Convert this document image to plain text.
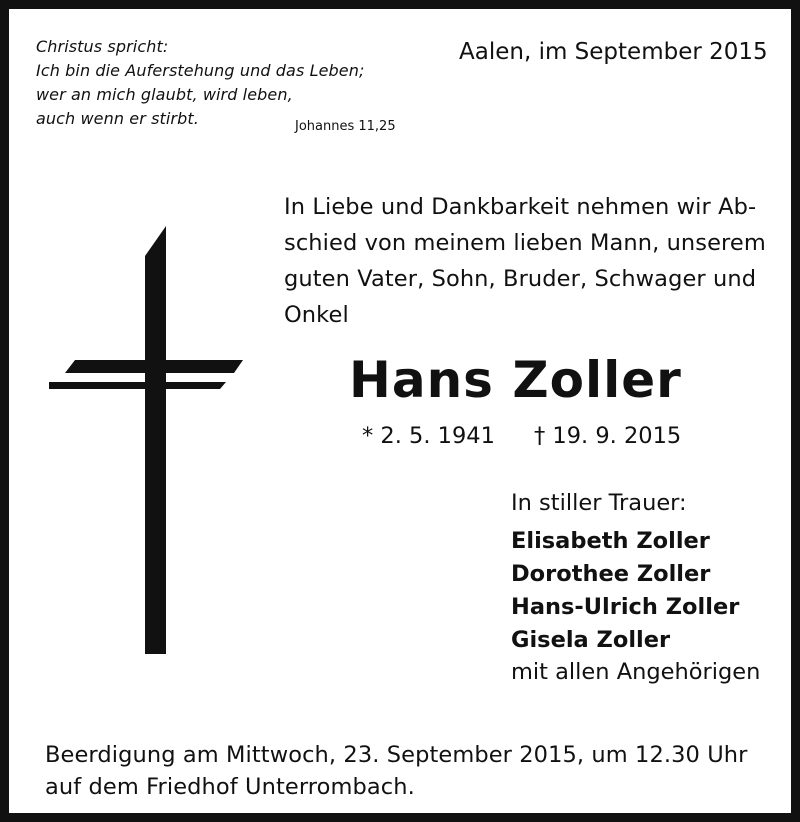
Christus spricht:
Ich bin die Auferstehung und das Leben;
wer an mich glaubt, wird leben,
auch wenn er stirbt.	Johannes 11,25
Aalen, im September 2015
In Liebe und Dankbarkeit nehmen wir Ab-
schied von meinem lieben Mann, unserem
guten Vater, Sohn, Bruder, Schwager und
Onkel
Hans Zoller
* 2. 5. 1941 † 19. 9. 2015
In stiller Trauer:
Elisabeth Zoller
Dorothee Zoller
Hans-Ulrich Zoller
Gisela Zoller
mit allen Angehörigen
Beerdigung am Mittwoch, 23. September 2015, um 12.30 Uhr
auf dem Friedhof Unterrombach.
